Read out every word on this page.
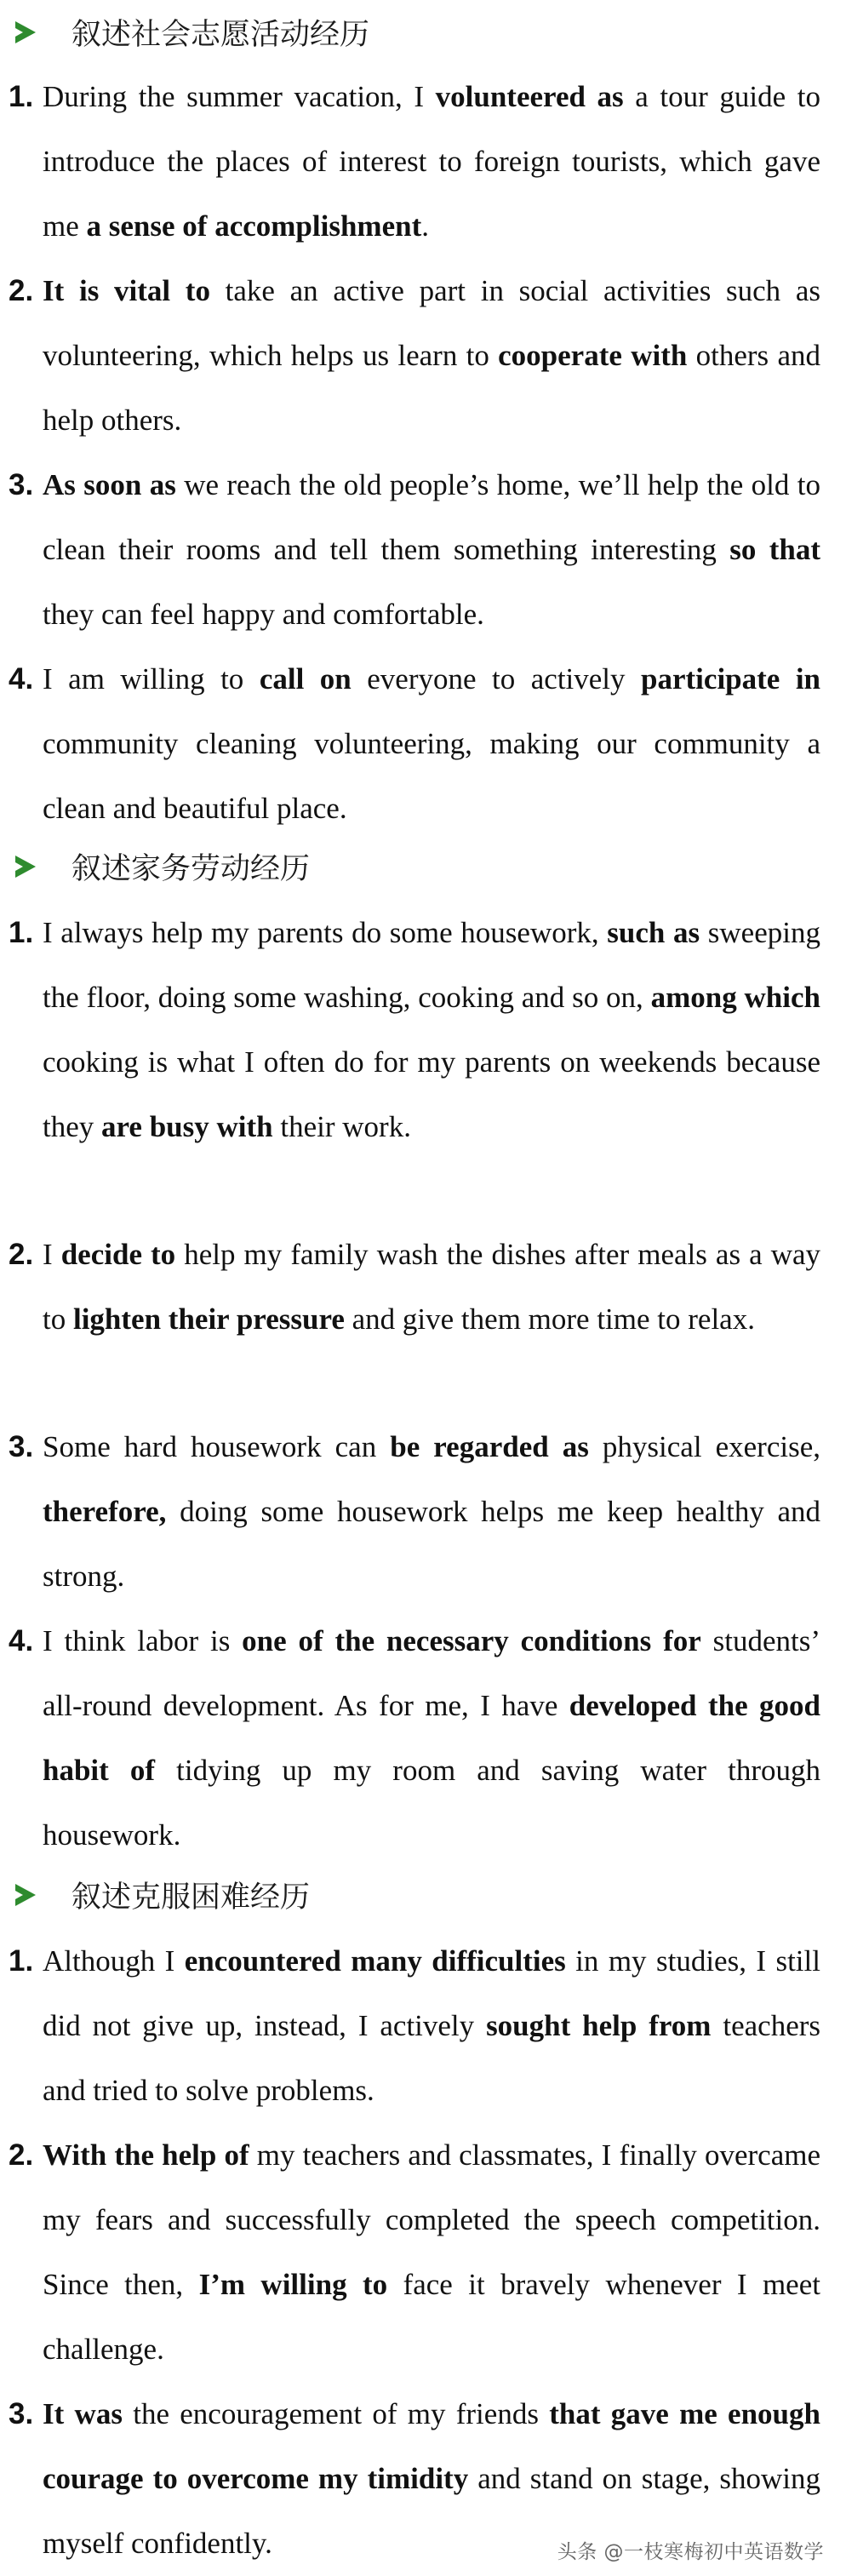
叙述社会志愿活动经历
1. During the summer vacation, I volunteered as a tour guide to introduce the places of interest to foreign tourists, which gave me a sense of accomplishment.
2. It is vital to take an active part in social activities such as volunteering, which helps us learn to cooperate with others and help others.
3. As soon as we reach the old people’s home, we’ll help the old to clean their rooms and tell them something interesting so that they can feel happy and comfortable.
4. I am willing to call on everyone to actively participate in community cleaning volunteering, making our community a clean and beautiful place.
叙述家务劳动经历
1. I always help my parents do some housework, such as sweeping the floor, doing some washing, cooking and so on, among which cooking is what I often do for my parents on weekends because they are busy with their work.
2. I decide to help my family wash the dishes after meals as a way to lighten their pressure and give them more time to relax.
3. Some hard housework can be regarded as physical exercise, therefore, doing some housework helps me keep healthy and strong.
4. I think labor is one of the necessary conditions for students’ all-round development. As for me, I have developed the good habit of tidying up my room and saving water through housework.
叙述克服困难经历
1. Although I encountered many difficulties in my studies, I still did not give up, instead, I actively sought help from teachers and tried to solve problems.
2. With the help of my teachers and classmates, I finally overcame my fears and successfully completed the speech competition. Since then, I’m willing to face it bravely whenever I meet challenge.
3. It was the encouragement of my friends that gave me enough courage to overcome my timidity and stand on stage, showing myself confidently.	头条 @一枝寒梅初中英语数学
